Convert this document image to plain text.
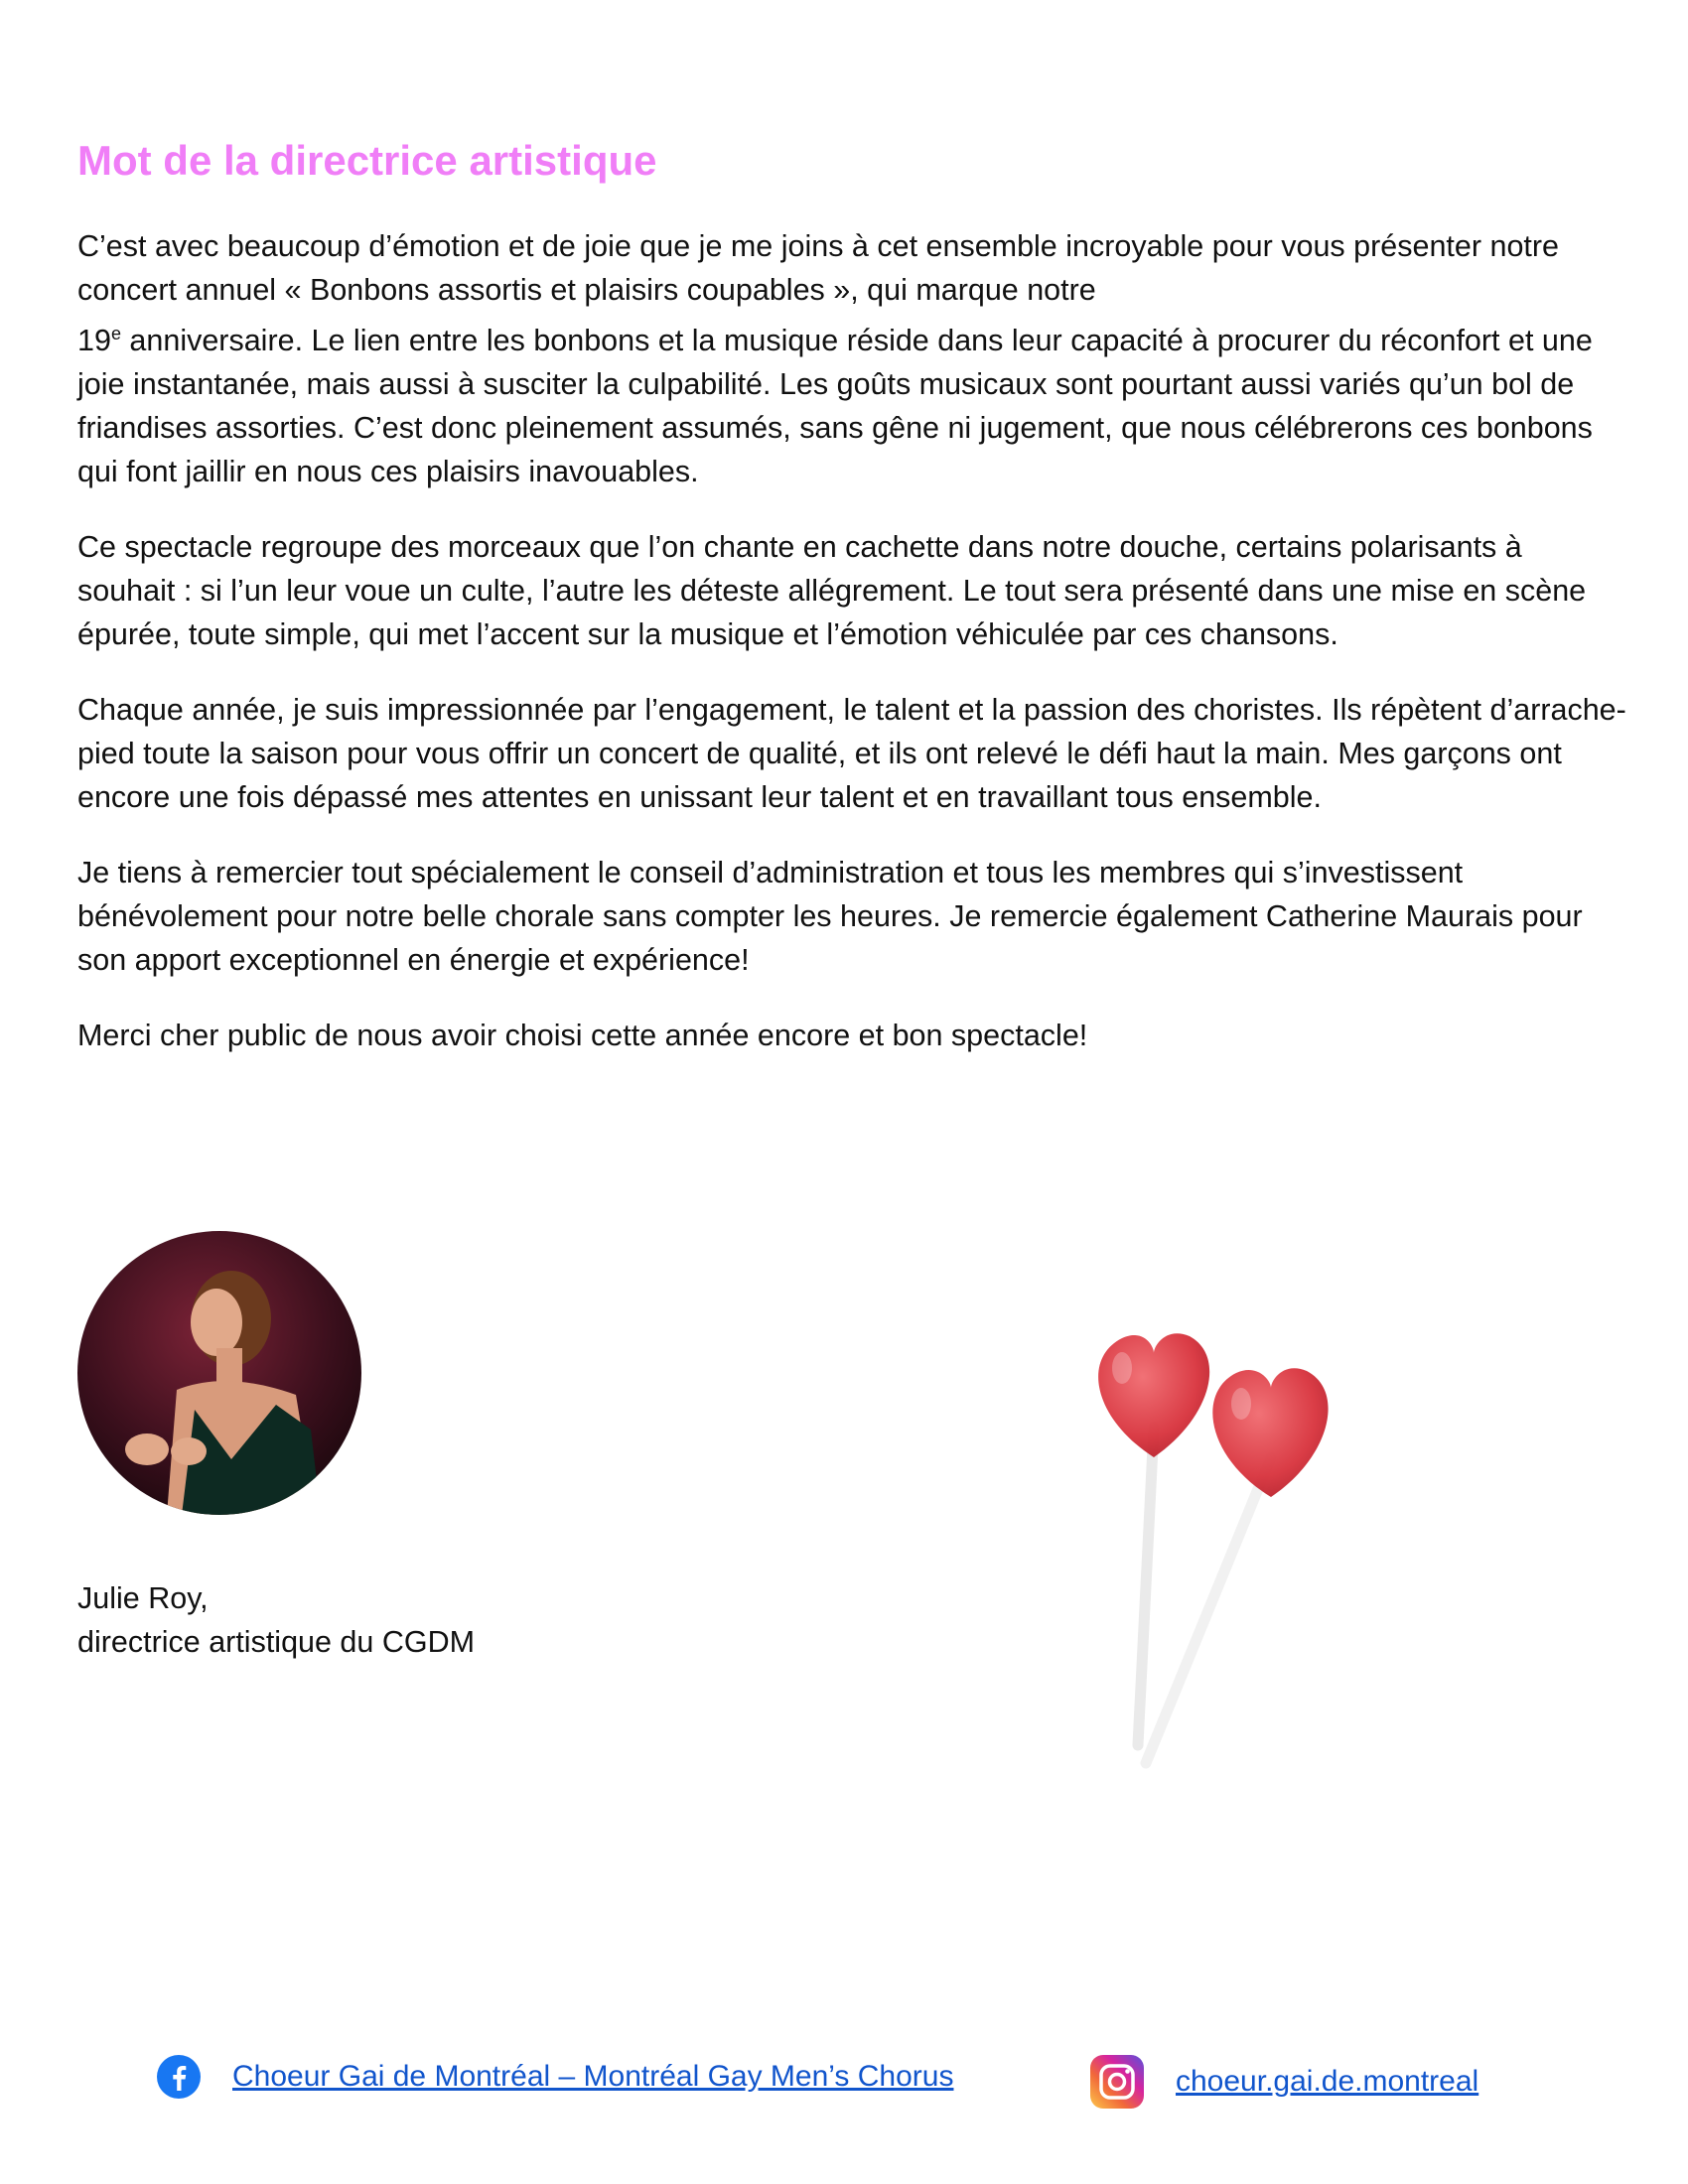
Mot de la directrice artistique

C’est avec beaucoup d’émotion et de joie que je me joins à cet ensemble incroyable pour vous présenter notre concert annuel « Bonbons assortis et plaisirs coupables », qui marque notre
19e anniversaire. Le lien entre les bonbons et la musique réside dans leur capacité à procurer du réconfort et une joie instantanée, mais aussi à susciter la culpabilité. Les goûts musicaux sont pourtant aussi variés qu’un bol de friandises assorties. C’est donc pleinement assumés, sans gêne ni jugement, que nous célébrerons ces bonbons qui font jaillir en nous ces plaisirs inavouables.

Ce spectacle regroupe des morceaux que l’on chante en cachette dans notre douche, certains polarisants à souhait : si l’un leur voue un culte, l’autre les déteste allégrement. Le tout sera présenté dans une mise en scène épurée, toute simple, qui met l’accent sur la musique et l’émotion véhiculée par ces chansons.

Chaque année, je suis impressionnée par l’engagement, le talent et la passion des choristes. Ils répètent d’arrache-pied toute la saison pour vous offrir un concert de qualité, et ils ont relevé le défi haut la main. Mes garçons ont encore une fois dépassé mes attentes en unissant leur talent et en travaillant tous ensemble.

Je tiens à remercier tout spécialement le conseil d’administration et tous les membres qui s’investissent bénévolement pour notre belle chorale sans compter les heures. Je remercie également Catherine Maurais pour son apport exceptionnel en énergie et expérience!

Merci cher public de nous avoir choisi cette année encore et bon spectacle!

Julie Roy,
directrice artistique du CGDM
Choeur Gai de Montréal – Montréal Gay Men’s Chorus	choeur.gai.de.montreal
